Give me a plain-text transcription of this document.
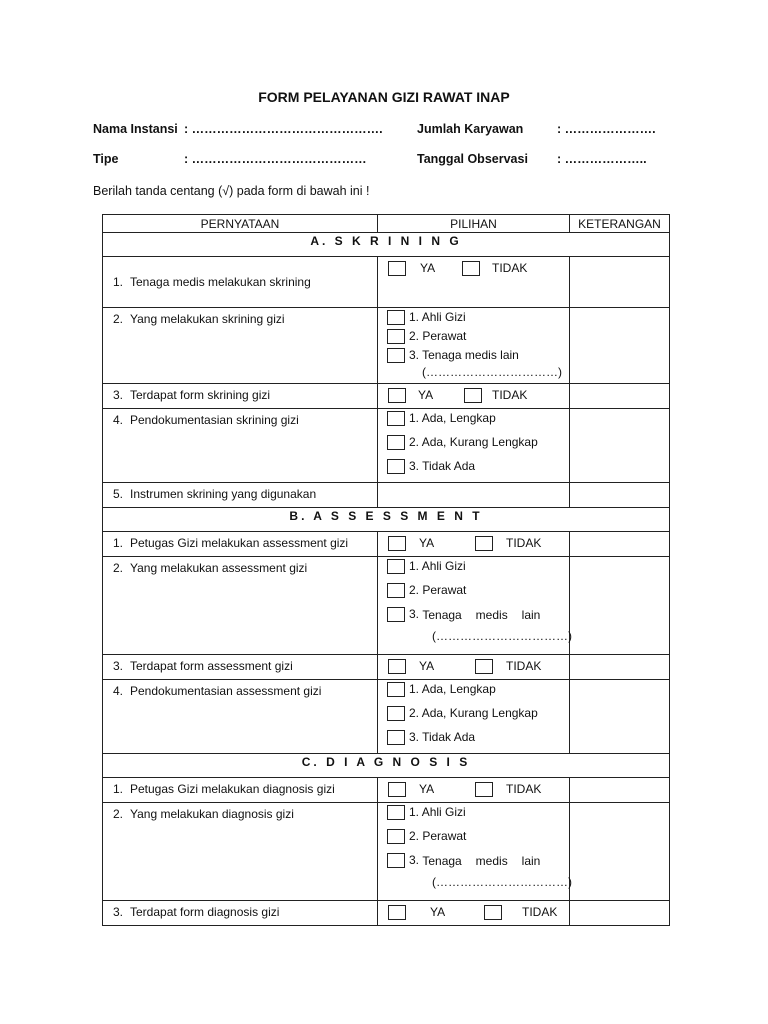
FORM PELAYANAN GIZI RAWAT INAP
Nama Instansi : ……………………………………….	Jumlah Karyawan	: ………………….
Tipe	: ……………………………………	Tanggal Observasi : ………………..
Berilah tanda centang (√) pada form di bawah ini !
PERNYATAAN	PILIHAN	KETERANGAN
A. S K R I N I N G		
1. Tenaga medis melakukan skrining	YA TIDAK	
2. Yang melakukan skrining gizi	1. Ahli Gizi
2. Perawat
3. Tenaga medis lain
(……………………………)	

3. Terdapat form skrining gizi	YA TIDAK	
4. Pendokumentasian skrining gizi	1. Ada, Lengkap
2. Ada, Kurang Lengkap
3. Tidak Ada	

5. Instrumen skrining yang digunakan		
B. A S S E S S M E N T		
1. Petugas Gizi melakukan assessment gizi	YA TIDAK	
2. Yang melakukan assessment gizi	1. Ahli Gizi
2. Perawat
3. Tenaga medis lain
(……………………………)	

3. Terdapat form assessment gizi	YA TIDAK	
4. Pendokumentasian assessment gizi	1. Ada, Lengkap
2. Ada, Kurang Lengkap
3. Tidak Ada	

C. D I A G N O S I S		
1. Petugas Gizi melakukan diagnosis gizi	YA TIDAK	
2. Yang melakukan diagnosis gizi	1. Ahli Gizi
2. Perawat
3. Tenaga medis lain
(……………………………)	

3. Terdapat form diagnosis gizi	YA TIDAK	
